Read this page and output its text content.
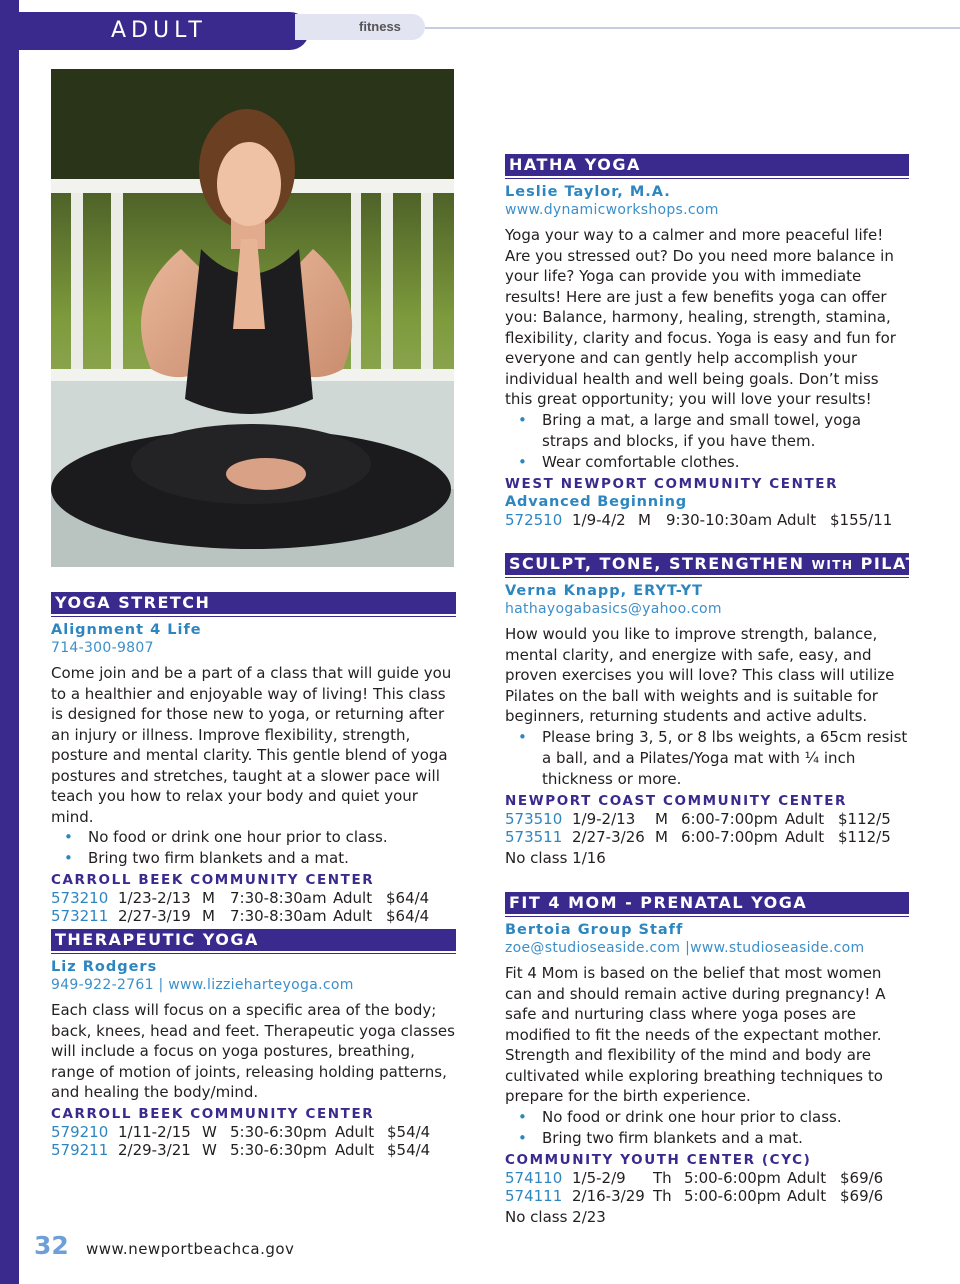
ADULT	fitness
YOGA STRETCH
Alignment 4 Life
714-300-9807
Come join and be a part of a class that will guide you to a healthier and enjoyable way of living! This class is designed for those new to yoga, or returning after an injury or illness. Improve flexibility, strength, posture and mental clarity. This gentle blend of yoga postures and stretches, taught at a slower pace will teach you how to relax your body and quiet your mind.
• No food or drink one hour prior to class.
• Bring two firm blankets and a mat.
CARROLL BEEK COMMUNITY CENTER
573210 1/23-2/13 M 7:30-8:30am Adult $64/4
573211 2/27-3/19 M 7:30-8:30am Adult $64/4
THERAPEUTIC YOGA
Liz Rodgers
949-922-2761 | www.lizzieharteyoga.com
Each class will focus on a specific area of the body; back, knees, head and feet. Therapeutic yoga classes will include a focus on yoga postures, breathing, range of motion of joints, releasing holding patterns, and healing the body/mind.
CARROLL BEEK COMMUNITY CENTER
579210 1/11-2/15 W 5:30-6:30pm Adult $54/4
579211 2/29-3/21 W 5:30-6:30pm Adult $54/4
HATHA YOGA
Leslie Taylor, M.A.
www.dynamicworkshops.com
Yoga your way to a calmer and more peaceful life! Are you stressed out? Do you need more balance in your life? Yoga can provide you with immediate results! Here are just a few benefits yoga can offer you: Balance, harmony, healing, strength, stamina, flexibility, clarity and focus. Yoga is easy and fun for everyone and can gently help accomplish your individual health and well being goals. Don’t miss this great opportunity; you will love your results!
• Bring a mat, a large and small towel, yoga straps and blocks, if you have them.
• Wear comfortable clothes.
WEST NEWPORT COMMUNITY CENTER
Advanced Beginning
572510 1/9-4/2 M 9:30-10:30am Adult $155/11
SCULPT, TONE, STRENGTHEN WITH PILATES
Verna Knapp, ERYT-YT
hathayogabasics@yahoo.com
How would you like to improve strength, balance, mental clarity, and energize with safe, easy, and proven exercises you will love? This class will utilize Pilates on the ball with weights and is suitable for beginners, returning students and active adults.
• Please bring 3, 5, or 8 lbs weights, a 65cm resist a ball, and a Pilates/Yoga mat with ¼ inch thickness or more.
NEWPORT COAST COMMUNITY CENTER
573510 1/9-2/13 M 6:00-7:00pm Adult $112/5
573511 2/27-3/26 M 6:00-7:00pm Adult $112/5
No class 1/16
FIT 4 MOM - PRENATAL YOGA
Bertoia Group Staff
zoe@studioseaside.com |www.studioseaside.com
Fit 4 Mom is based on the belief that most women can and should remain active during pregnancy! A safe and nurturing class where yoga poses are modified to fit the needs of the expectant mother. Strength and flexibility of the mind and body are cultivated while exploring breathing techniques to prepare for the birth experience.
• No food or drink one hour prior to class.
• Bring two firm blankets and a mat.
COMMUNITY YOUTH CENTER (CYC)
574110 1/5-2/9 Th 5:00-6:00pm Adult $69/6
574111 2/16-3/29 Th 5:00-6:00pm Adult $69/6
No class 2/23
32 www.newportbeachca.gov
